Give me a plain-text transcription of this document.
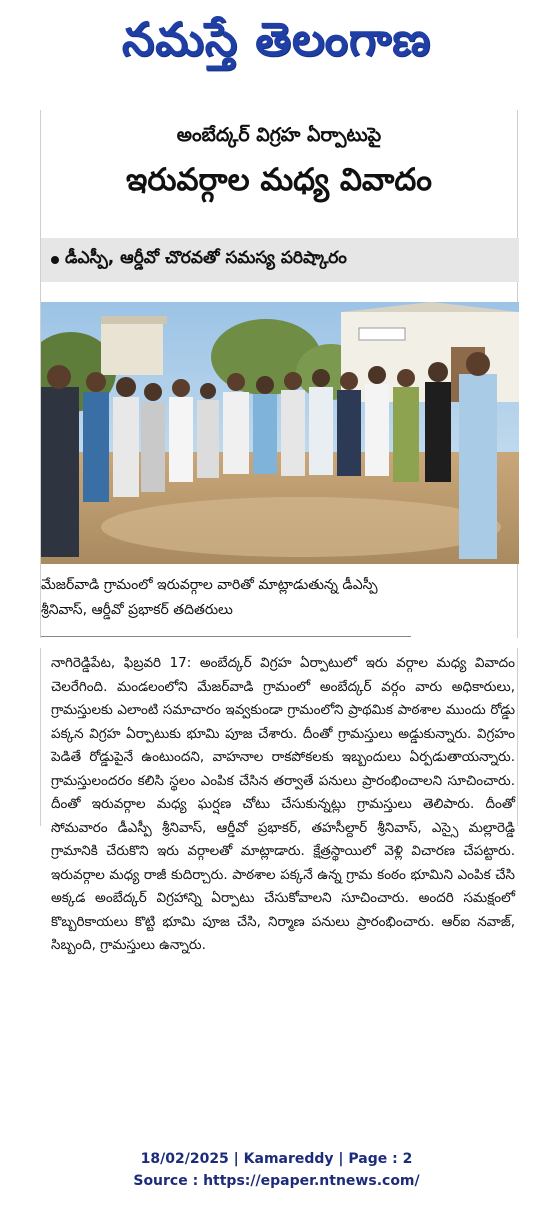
నమస్తే తెలంగాణ
అంబేద్కర్ విగ్రహ ఏర్పాటుపై
ఇరువర్గాల మధ్య వివాదం
డీఎస్పీ, ఆర్డీవో చొరవతో సమస్య పరిష్కారం
మేజర్‌వాడి గ్రామంలో ఇరువర్గాల వారితో మాట్లాడుతున్న డీఎస్పీ శ్రీనివాస్, ఆర్డీవో ప్రభాకర్ తదితరులు
నాగిరెడ్డిపేట, ఫిబ్రవరి 17: అంబేద్కర్ విగ్రహ ఏర్పాటులో ఇరు వర్గాల మధ్య వివాదం చెలరేగింది. మండలంలోని మేజర్‌వాడి గ్రామంలో అంబేద్కర్ వర్గం వారు అధికారులు, గ్రామస్తులకు ఎలాంటి సమాచారం ఇవ్వకుండా గ్రామంలోని ప్రాథమిక పాఠశాల ముందు రోడ్డు పక్కన విగ్రహ ఏర్పాటుకు భూమి పూజ చేశారు. దీంతో గ్రామస్తులు అడ్డుకున్నారు. విగ్రహం పెడితే రోడ్డుపైనే ఉంటుందని, వాహనాల రాకపోకలకు ఇబ్బందులు ఏర్పడుతాయన్నారు. గ్రామస్తులందరం కలిసి స్థలం ఎంపిక చేసిన తర్వాతే పనులు ప్రారంభించాలని సూచించారు. దీంతో ఇరువర్గాల మధ్య ఘర్షణ చోటు చేసుకున్నట్లు గ్రామస్తులు తెలిపారు. దీంతో సోమవారం డీఎస్పీ శ్రీనివాస్, ఆర్డీవో ప్రభాకర్, తహసీల్దార్ శ్రీనివాస్, ఎస్సై మల్లారెడ్డి గ్రామానికి చేరుకొని ఇరు వర్గాలతో మాట్లాడారు. క్షేత్రస్థాయిలో వెళ్లి విచారణ చేపట్టారు. ఇరువర్గాల మధ్య రాజీ కుదిర్చారు. పాఠశాల పక్కనే ఉన్న గ్రామ కంఠం భూమిని ఎంపిక చేసి అక్కడ అంబేద్కర్ విగ్రహాన్ని ఏర్పాటు చేసుకోవాలని సూచించారు. అందరి సమక్షంలో కొబ్బరికాయలు కొట్టి భూమి పూజ చేసి, నిర్మాణ పనులు ప్రారంభించారు. ఆర్ఐ నవాజ్, సిబ్బంది, గ్రామస్తులు ఉన్నారు.
18/02/2025 | Kamareddy | Page : 2
Source : https://epaper.ntnews.com/
